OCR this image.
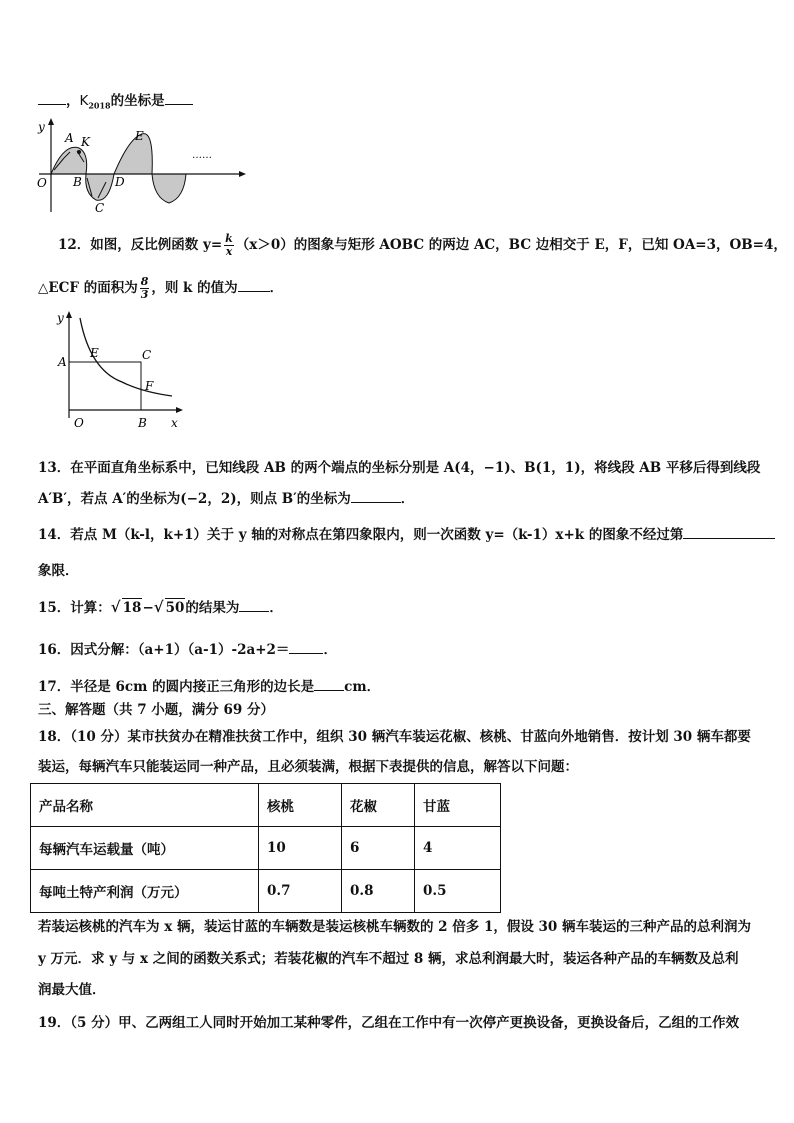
，$K_{2018}$的坐标是
y
A K	E
O B	D
C
……
12．如图，反比例函数 $y= \frac{k}{x} (x>0)$的图象与矩形 AOBC 的两边 AC，BC 边相交于 E，F，已知 OA=3，OB=4，
△ECF 的面积为 $\frac{8}{3}$ ，则 k 的值为 ．
y
A
E	C
F
O	B x
13．在平面直角坐标系中，已知线段 AB 的两个端点的坐标分别是 A(4，−1)、B(1，1)，将线段 AB 平移后得到线段
A′B′，若点 A′的坐标为(−2，2)，则点 B′的坐标为	．
14．若点 M（k-l，k+1）关于 y 轴的对称点在第四象限内，则一次函数 y=（k-1）x+k 的图象不经过第
象限．
15．计算：√ 18−√ 50的结果为 ．
16．因式分解：（a+1）（a-1）-2a+2＝	．
17．半径是 6cm 的圆内接正三角形的边长是 cm．
三、解答题（共 7 小题，满分 69 分）
18．（10 分）某市扶贫办在精准扶贫工作中，组织 30 辆汽车装运花椒、核桃、甘蓝向外地销售．按计划 30 辆车都要
装运，每辆汽车只能装运同一种产品，且必须装满，根据下表提供的信息，解答以下问题：
产品名称	核桃	花椒	甘蓝
每辆汽车运载量（吨）	10	6	4
每吨土特产利润（万元）	0.7	0.8	0.5
若装运核桃的汽车为 x 辆，装运甘蓝的车辆数是装运核桃车辆数的 2 倍多 1，假设 30 辆车装运的三种产品的总利润为
y 万元．求 y 与 x 之间的函数关系式；若装花椒的汽车不超过 8 辆，求总利润最大时，装运各种产品的车辆数及总利
润最大值．
19．（5 分）甲、乙两组工人同时开始加工某种零件，乙组在工作中有一次停产更换设备，更换设备后，乙组的工作效
